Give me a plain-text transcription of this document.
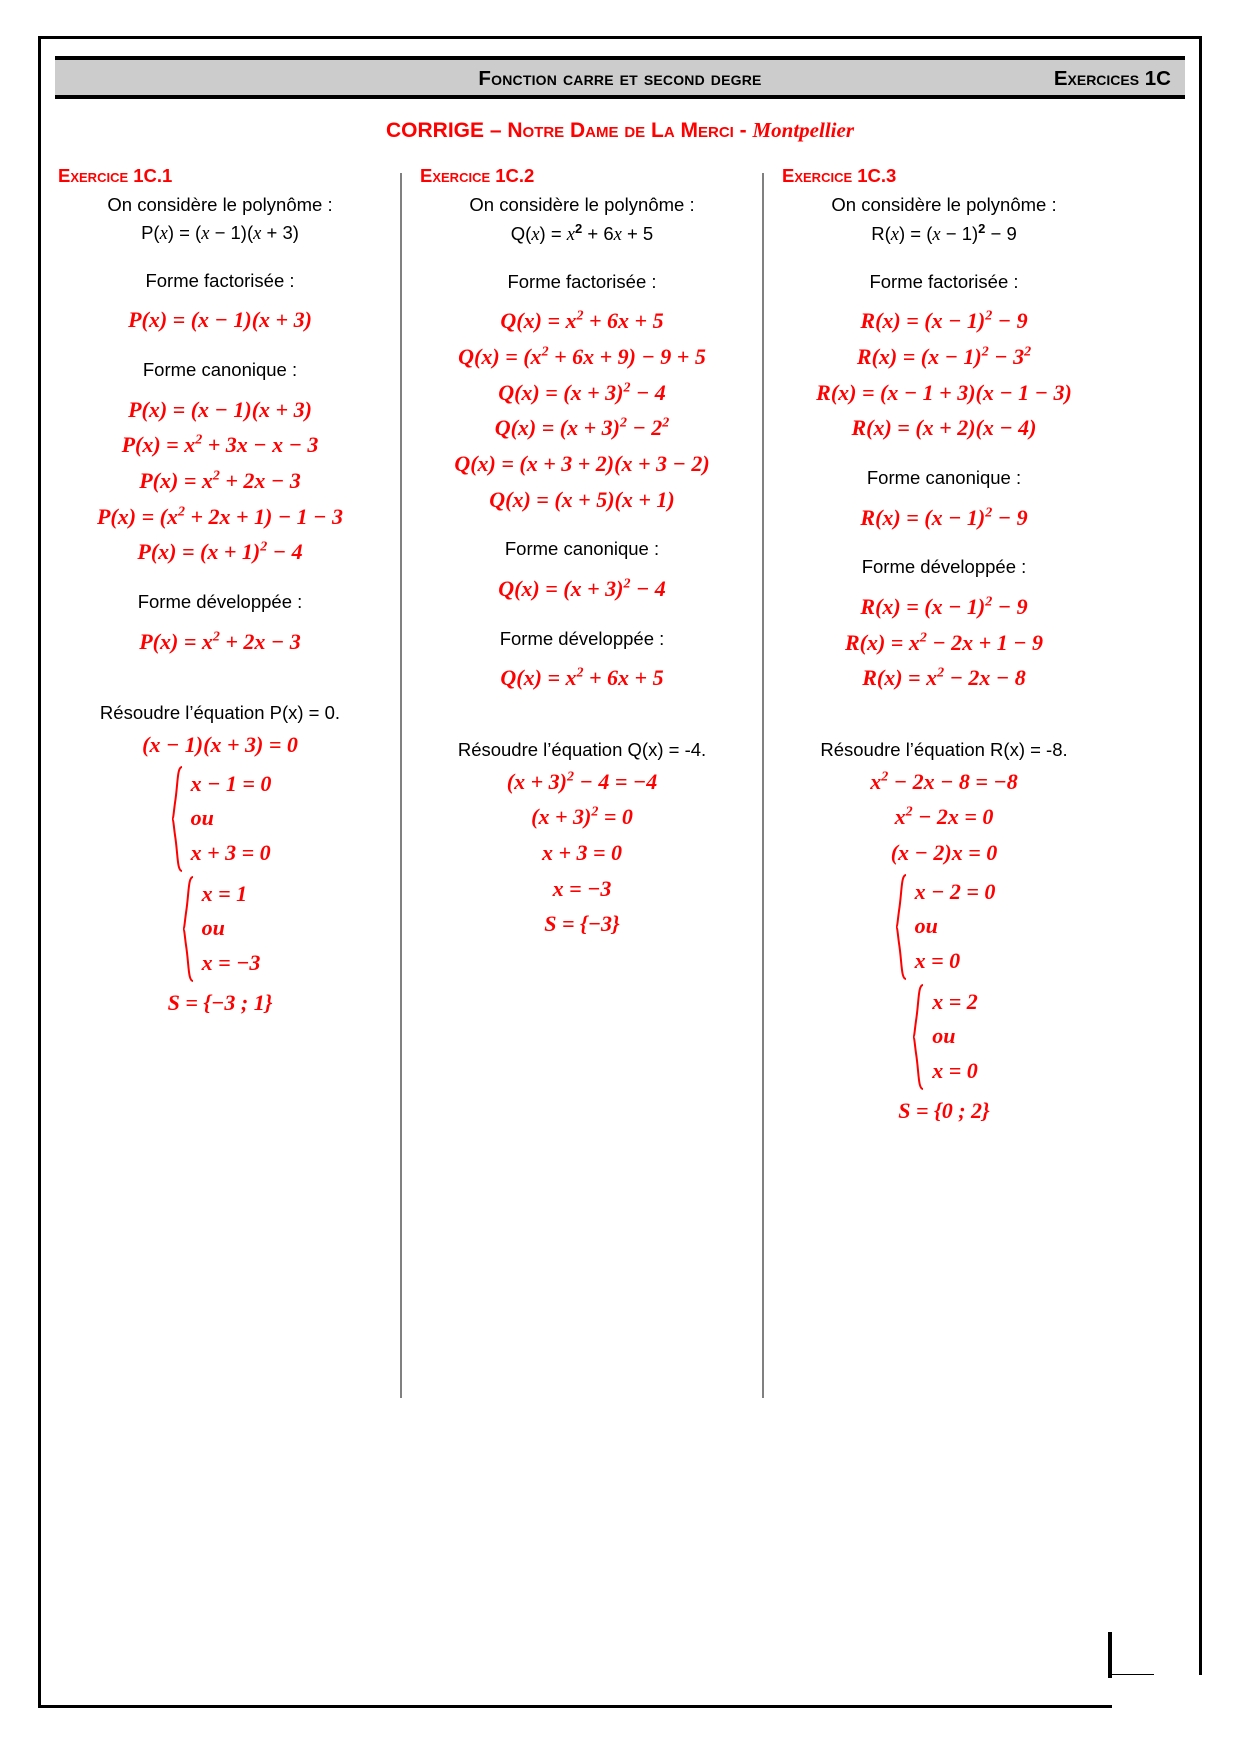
Fonction carre et second degre	Exercices 1C
CORRIGE – Notre Dame de La Merci - Montpellier
Exercice 1C.1
On considère le polynôme :
P(x) = (x − 1)(x + 3)
Forme factorisée :
P(x) = (x − 1)(x + 3)
Forme canonique :
P(x) = (x − 1)(x + 3)
$P(x) = x^2 + 3x - x - 3$
$P(x) = x^2 + 2x - 3$
$P(x) = (x^2 + 2x + 1) - 1 - 3$
$P(x) = (x + 1)^2 - 4$
Forme développée :
$P(x) = x^2 + 2x - 3$
Résoudre l’équation P(x) = 0.
(x − 1)(x + 3) = 0
x − 1 = 0
ou
x + 3 = 0
x = 1
ou
x = −3
S = {−3 ; 1}
Exercice 1C.2
On considère le polynôme :
$Q(x) = x^2 + 6x + 5$
Forme factorisée :
$Q(x) = x^2 + 6x + 5$
$Q(x) = (x^2 + 6x + 9) - 9 + 5$
$Q(x) = (x + 3)^2 - 4$
$Q(x) = (x + 3)^2 - 2^2$
Q(x) = (x + 3 + 2)(x + 3 − 2)
Q(x) = (x + 5)(x + 1)
Forme canonique :
$Q(x) = (x + 3)^2 - 4$
Forme développée :
$Q(x) = x^2 + 6x + 5$
Résoudre l’équation Q(x) = -4.
$(x + 3)^2 - 4 = -4$
$(x + 3)^2 = 0$
x + 3 = 0
x = −3
S = {−3}
Exercice 1C.3
On considère le polynôme :
$R(x) = (x - 1)^2 - 9$
Forme factorisée :
$R(x) = (x - 1)^2 - 9$
$R(x) = (x - 1)^2 - 3^2$
R(x) = (x − 1 + 3)(x − 1 − 3)
R(x) = (x + 2)(x − 4)
Forme canonique :
$R(x) = (x - 1)^2 - 9$
Forme développée :
$R(x) = (x - 1)^2 - 9$
$R(x) = x^2 - 2x + 1 - 9$
$R(x) = x^2 - 2x - 8$
Résoudre l’équation R(x) = -8.
$x^2 - 2x - 8 = -8$
$x^2 - 2x = 0$
(x − 2)x = 0
x − 2 = 0
ou
x = 0
x = 2
ou
x = 0
S = {0 ; 2}
